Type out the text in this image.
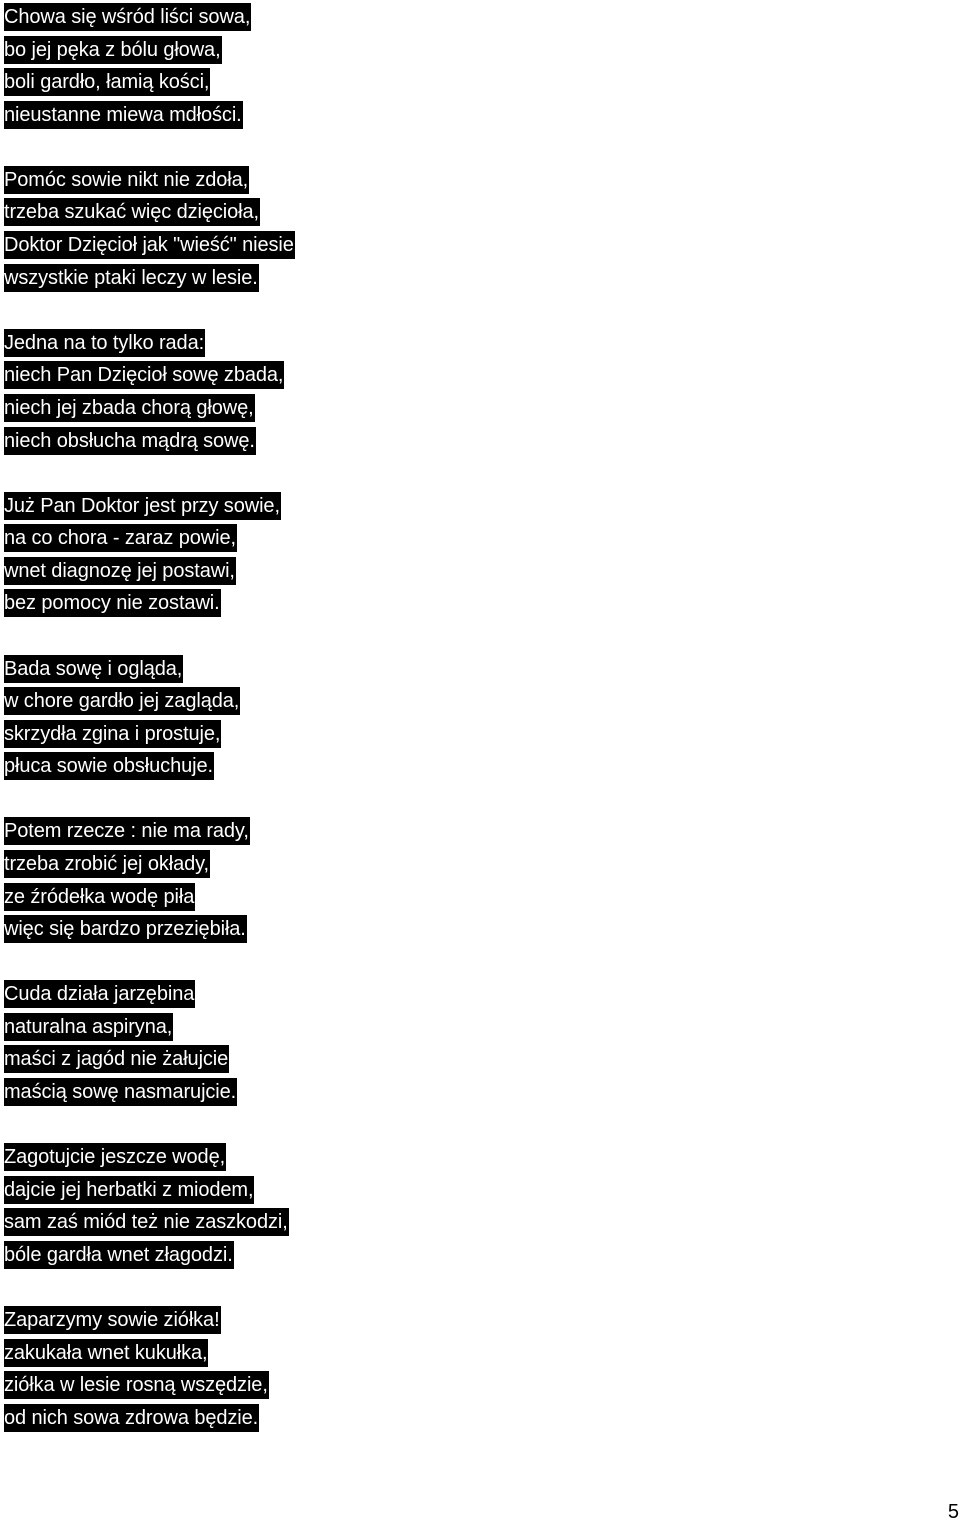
Chowa się wśród liści sowa,
bo jej pęka z bólu głowa,
boli gardło, łamią kości,
nieustanne miewa mdłości.
Pomóc sowie nikt nie zdoła,
trzeba szukać więc dzięcioła,
Doktor Dzięcioł jak "wieść" niesie
wszystkie ptaki leczy w lesie.
Jedna na to tylko rada:
niech Pan Dzięcioł sowę zbada,
niech jej zbada chorą głowę,
niech obsłucha mądrą sowę.
Już Pan Doktor jest przy sowie,
na co chora - zaraz powie,
wnet diagnozę jej postawi,
bez pomocy nie zostawi.
Bada sowę i ogląda,
w chore gardło jej zagląda,
skrzydła zgina i prostuje,
płuca sowie obsłuchuje.
Potem rzecze : nie ma rady,
trzeba zrobić jej okłady,
ze źródełka wodę piła
więc się bardzo przeziębiła.
Cuda działa jarzębina
naturalna aspiryna,
maści z jagód nie żałujcie
maścią sowę nasmarujcie.
Zagotujcie jeszcze wodę,
dajcie jej herbatki z miodem,
sam zaś miód też nie zaszkodzi,
bóle gardła wnet złagodzi.
Zaparzymy sowie ziółka!
zakukała wnet kukułka,
ziółka w lesie rosną wszędzie,
od nich sowa zdrowa będzie.
5
